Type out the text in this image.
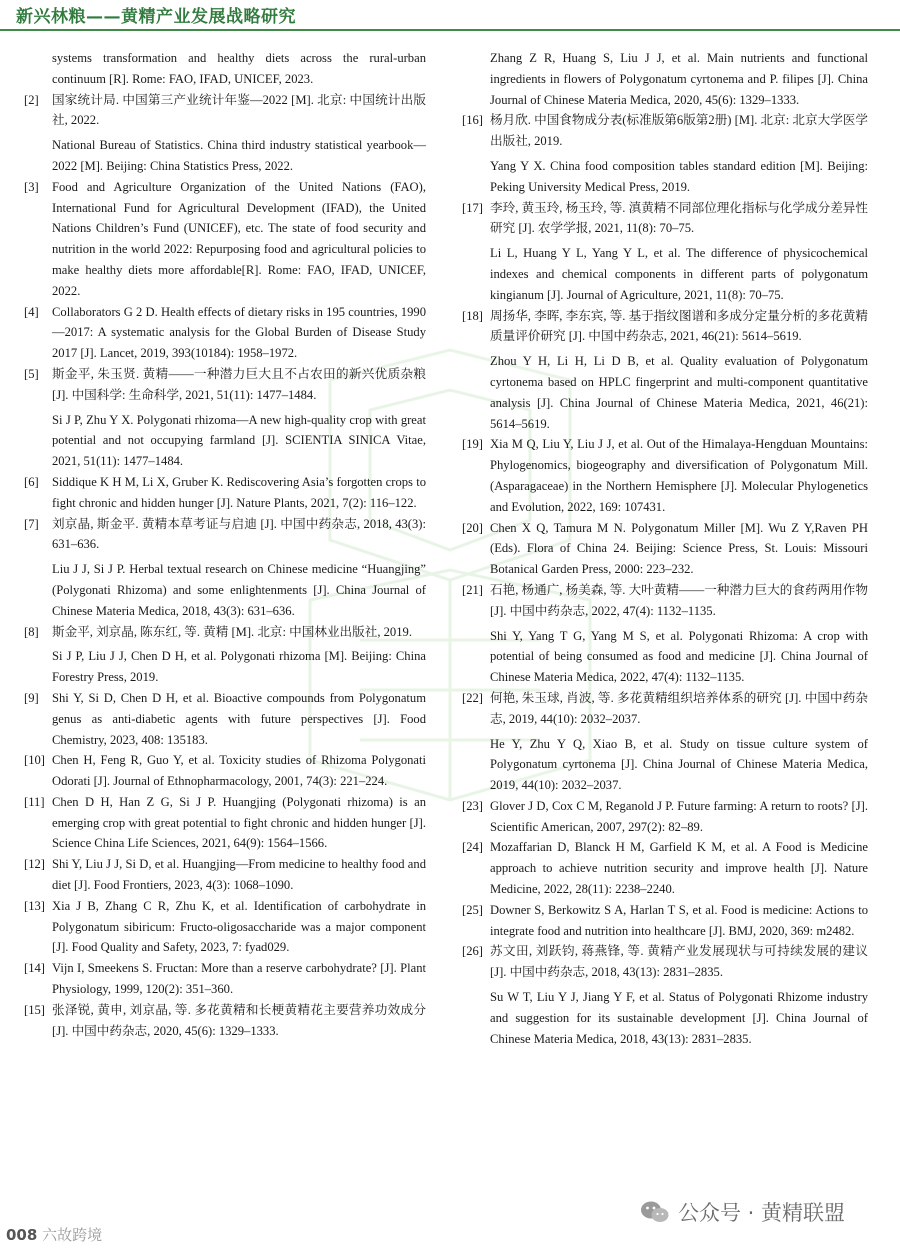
新兴林粮——黄精产业发展战略研究
systems transformation and healthy diets across the rural-urban continuum [R]. Rome: FAO, IFAD, UNICEF, 2023.
[2] 国家统计局. 中国第三产业统计年鉴—2022 [M]. 北京: 中国统计出版社, 2022.
National Bureau of Statistics. China third industry statistical yearbook—2022 [M]. Beijing: China Statistics Press, 2022.
[3] Food and Agriculture Organization of the United Nations (FAO), International Fund for Agricultural Development (IFAD), the United Nations Children’s Fund (UNICEF), etc. The state of food security and nutrition in the world 2022: Repurposing food and agricultural policies to make healthy diets more affordable[R]. Rome: FAO, IFAD, UNICEF, 2022.
[4] Collaborators G 2 D. Health effects of dietary risks in 195 countries, 1990—2017: A systematic analysis for the Global Burden of Disease Study 2017 [J]. Lancet, 2019, 393(10184): 1958–1972.
[5] 斯金平, 朱玉贤. 黄精——一种潜力巨大且不占农田的新兴优质杂粮 [J]. 中国科学: 生命科学, 2021, 51(11): 1477–1484.
Si J P, Zhu Y X. Polygonati rhizoma—A new high-quality crop with great potential and not occupying farmland [J]. SCIENTIA SINICA Vitae, 2021, 51(11): 1477–1484.
[6] Siddique K H M, Li X, Gruber K. Rediscovering Asia’s forgotten crops to fight chronic and hidden hunger [J]. Nature Plants, 2021, 7(2): 116–122.
[7] 刘京晶, 斯金平. 黄精本草考证与启迪 [J]. 中国中药杂志, 2018, 43(3): 631–636.
Liu J J, Si J P. Herbal textual research on Chinese medicine “Huangjing” (Polygonati Rhizoma) and some enlightenments [J]. China Journal of Chinese Materia Medica, 2018, 43(3): 631–636.
[8] 斯金平, 刘京晶, 陈东红, 等. 黄精 [M]. 北京: 中国林业出版社, 2019.
Si J P, Liu J J, Chen D H, et al. Polygonati rhizoma [M]. Beijing: China Forestry Press, 2019.
[9] Shi Y, Si D, Chen D H, et al. Bioactive compounds from Polygonatum genus as anti-diabetic agents with future perspectives [J]. Food Chemistry, 2023, 408: 135183.
[10] Chen H, Feng R, Guo Y, et al. Toxicity studies of Rhizoma Polygonati Odorati [J]. Journal of Ethnopharmacology, 2001, 74(3): 221–224.
[11] Chen D H, Han Z G, Si J P. Huangjing (Polygonati rhizoma) is an emerging crop with great potential to fight chronic and hidden hunger [J]. Science China Life Sciences, 2021, 64(9): 1564–1566.
[12] Shi Y, Liu J J, Si D, et al. Huangjing—From medicine to healthy food and diet [J]. Food Frontiers, 2023, 4(3): 1068–1090.
[13] Xia J B, Zhang C R, Zhu K, et al. Identification of carbohydrate in Polygonatum sibiricum: Fructo-oligosaccharide was a major component [J]. Food Quality and Safety, 2023, 7: fyad029.
[14] Vijn I, Smeekens S. Fructan: More than a reserve carbohydrate? [J]. Plant Physiology, 1999, 120(2): 351–360.
[15] 张泽锐, 黄申, 刘京晶, 等. 多花黄精和长梗黄精花主要营养功效成分 [J]. 中国中药杂志, 2020, 45(6): 1329–1333.
Zhang Z R, Huang S, Liu J J, et al. Main nutrients and functional ingredients in flowers of Polygonatum cyrtonema and P. filipes [J]. China Journal of Chinese Materia Medica, 2020, 45(6): 1329–1333.
[16] 杨月欣. 中国食物成分表(标准版第6版第2册) [M]. 北京: 北京大学医学出版社, 2019.
Yang Y X. China food composition tables standard edition [M]. Beijing: Peking University Medical Press, 2019.
[17] 李玲, 黄玉玲, 杨玉玲, 等. 滇黄精不同部位理化指标与化学成分差异性研究 [J]. 农学学报, 2021, 11(8): 70–75.
Li L, Huang Y L, Yang Y L, et al. The difference of physicochemical indexes and chemical components in different parts of polygonatum kingianum [J]. Journal of Agriculture, 2021, 11(8): 70–75.
[18] 周扬华, 李晖, 李东宾, 等. 基于指纹图谱和多成分定量分析的多花黄精质量评价研究 [J]. 中国中药杂志, 2021, 46(21): 5614–5619.
Zhou Y H, Li H, Li D B, et al. Quality evaluation of Polygonatum cyrtonema based on HPLC fingerprint and multi-component quantitative analysis [J]. China Journal of Chinese Materia Medica, 2021, 46(21): 5614–5619.
[19] Xia M Q, Liu Y, Liu J J, et al. Out of the Himalaya-Hengduan Mountains: Phylogenomics, biogeography and diversification of Polygonatum Mill. (Asparagaceae) in the Northern Hemisphere [J]. Molecular Phylogenetics and Evolution, 2022, 169: 107431.
[20] Chen X Q, Tamura M N. Polygonatum Miller [M]. Wu Z Y,Raven PH (Eds). Flora of China 24. Beijing: Science Press, St. Louis: Missouri Botanical Garden Press, 2000: 223–232.
[21] 石艳, 杨通广, 杨美森, 等. 大叶黄精——一种潜力巨大的食药两用作物 [J]. 中国中药杂志, 2022, 47(4): 1132–1135.
Shi Y, Yang T G, Yang M S, et al. Polygonati Rhizoma: A crop with potential of being consumed as food and medicine [J]. China Journal of Chinese Materia Medica, 2022, 47(4): 1132–1135.
[22] 何艳, 朱玉球, 肖波, 等. 多花黄精组织培养体系的研究 [J]. 中国中药杂志, 2019, 44(10): 2032–2037.
He Y, Zhu Y Q, Xiao B, et al. Study on tissue culture system of Polygonatum cyrtonema [J]. China Journal of Chinese Materia Medica, 2019, 44(10): 2032–2037.
[23] Glover J D, Cox C M, Reganold J P. Future farming: A return to roots? [J]. Scientific American, 2007, 297(2): 82–89.
[24] Mozaffarian D, Blanck H M, Garfield K M, et al. A Food is Medicine approach to achieve nutrition security and improve health [J]. Nature Medicine, 2022, 28(11): 2238–2240.
[25] Downer S, Berkowitz S A, Harlan T S, et al. Food is medicine: Actions to integrate food and nutrition into healthcare [J]. BMJ, 2020, 369: m2482.
[26] 苏文田, 刘跃钧, 蒋燕锋, 等. 黄精产业发展现状与可持续发展的建议 [J]. 中国中药杂志, 2018, 43(13): 2831–2835.
Su W T, Liu Y J, Jiang Y F, et al. Status of Polygonati Rhizome industry and suggestion for its sustainable development [J]. China Journal of Chinese Materia Medica, 2018, 43(13): 2831–2835.
公众号 · 黄精联盟
008 六故跨境
